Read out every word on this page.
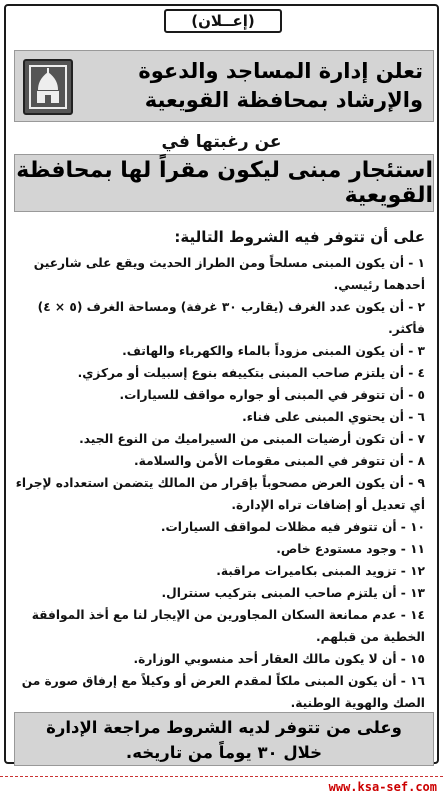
(إعــلان)
تعلن إدارة المساجد والدعوة
والإرشاد بمحافظة القويعية
عن رغبتها في
استئجار مبنى ليكون مقراً لها بمحافظة القويعية
على أن تتوفر فيه الشروط التالية:
١ - أن يكون المبنى مسلحاً ومن الطراز الحديث ويقع على شارعين
أحدهما رئيسي.
٢ - أن يكون عدد الغرف (يقارب ٣٠ غرفة) ومساحة الغرف (٥ × ٤)
فأكثر.
٣ - أن يكون المبنى مزوداً بالماء والكهرباء والهاتف.
٤ - أن يلتزم صاحب المبنى بتكييفه بنوع إسبيلت أو مركزي.
٥ - أن تتوفر في المبنى أو جواره مواقف للسيارات.
٦ - أن يحتوي المبنى على فناء.
٧ - أن تكون أرضيات المبنى من السيراميك من النوع الجيد.
٨ - أن تتوفر في المبنى مقومات الأمن والسلامة.
٩ - أن يكون العرض مصحوباً بإقرار من المالك يتضمن استعداده لإجراء
أي تعديل أو إضافات تراه الإدارة.
١٠ - أن تتوفر فيه مظلات لمواقف السيارات.
١١ - وجود مستودع خاص.
١٢ - تزويد المبنى بكاميرات مراقبة.
١٣ - أن يلتزم صاحب المبنى بتركيب سنترال.
١٤ - عدم ممانعة السكان المجاورين من الإيجار لنا مع أخذ الموافقة الخطية من قبلهم.
١٥ - أن لا يكون مالك العقار أحد منسوبي الوزارة.
١٦ - أن يكون المبنى ملكاً لمقدم العرض أو وكيلاً مع إرفاق صورة من
الصك والهوية الوطنية.
وعلى من تتوفر لديه الشروط مراجعة الإدارة
خلال ٣٠ يوماً من تاريخه.
www.ksa-sef.com
